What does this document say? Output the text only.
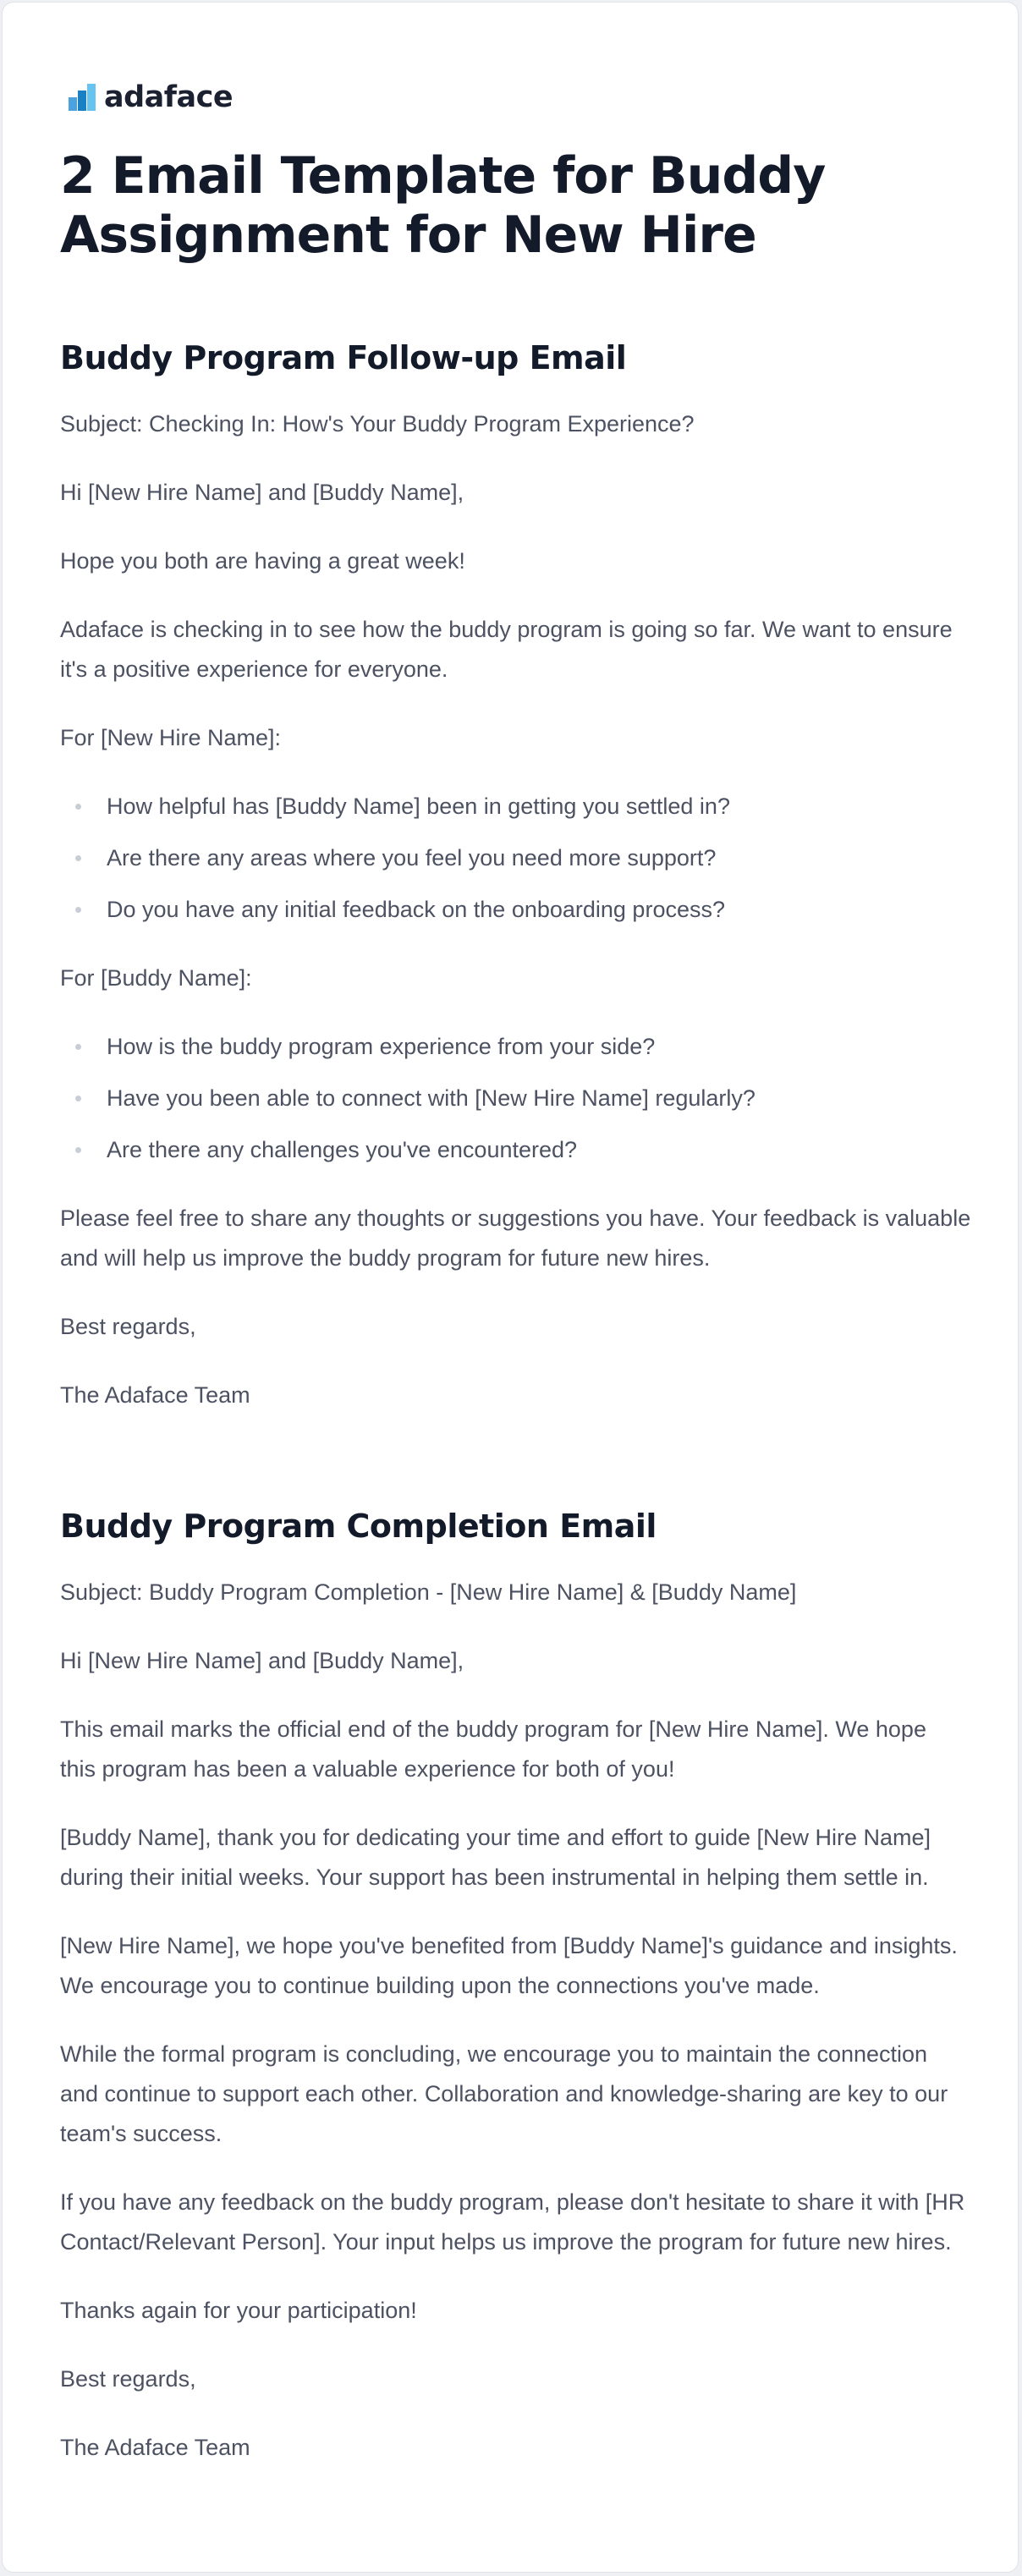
adaface
2 Email Template for Buddy Assignment for New Hire
Buddy Program Follow-up Email

Subject: Checking In: How's Your Buddy Program Experience?

Hi [New Hire Name] and [Buddy Name],

Hope you both are having a great week!

Adaface is checking in to see how the buddy program is going so far. We want to ensure
it's a positive experience for everyone.

For [New Hire Name]:

How helpful has [Buddy Name] been in getting you settled in?
Are there any areas where you feel you need more support?
Do you have any initial feedback on the onboarding process?

For [Buddy Name]:

How is the buddy program experience from your side?
Have you been able to connect with [New Hire Name] regularly?
Are there any challenges you've encountered?

Please feel free to share any thoughts or suggestions you have. Your feedback is valuable
and will help us improve the buddy program for future new hires.

Best regards,

The Adaface Team

Buddy Program Completion Email

Subject: Buddy Program Completion - [New Hire Name] & [Buddy Name]

Hi [New Hire Name] and [Buddy Name],

This email marks the official end of the buddy program for [New Hire Name]. We hope
this program has been a valuable experience for both of you!

[Buddy Name], thank you for dedicating your time and effort to guide [New Hire Name]
during their initial weeks. Your support has been instrumental in helping them settle in.

[New Hire Name], we hope you've benefited from [Buddy Name]'s guidance and insights.
We encourage you to continue building upon the connections you've made.

While the formal program is concluding, we encourage you to maintain the connection
and continue to support each other. Collaboration and knowledge-sharing are key to our
team's success.

If you have any feedback on the buddy program, please don't hesitate to share it with [HR
Contact/Relevant Person]. Your input helps us improve the program for future new hires.

Thanks again for your participation!

Best regards,

The Adaface Team
